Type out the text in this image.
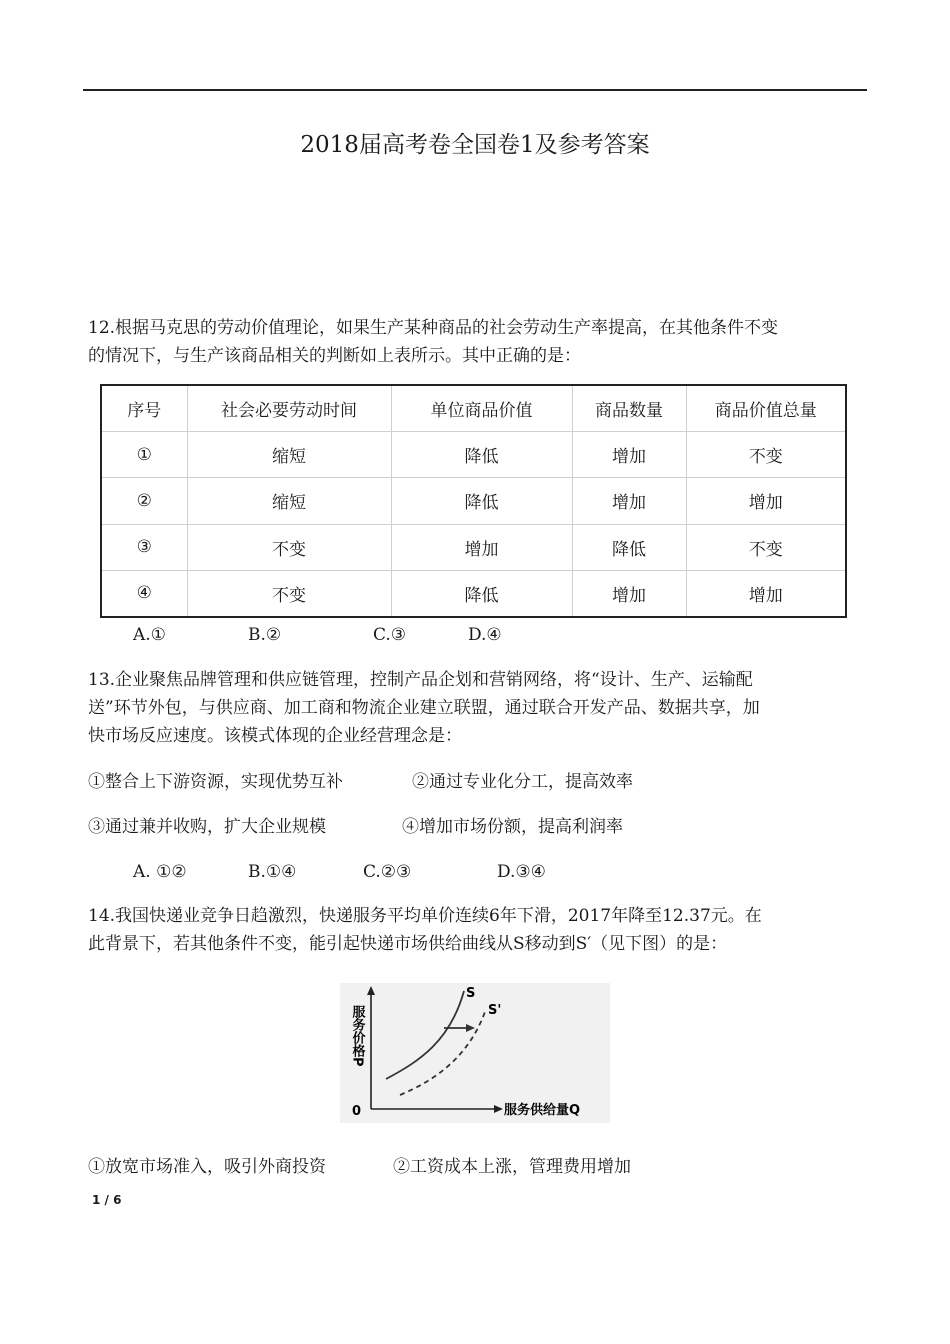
2018届高考卷全国卷1及参考答案
12.根据马克思的劳动价值理论，如果生产某种商品的社会劳动生产率提高，在其他条件不变
的情况下，与生产该商品相关的判断如上表所示。其中正确的是：
序号	社会必要劳动时间	单位商品价值	商品数量	商品价值总量
①	缩短	降低	增加	不变
②	缩短	降低	增加	增加
③	不变	增加	降低	不变
④	不变	降低	增加	增加
A.①	B.②	C.③	D.④
13.企业聚焦品牌管理和供应链管理，控制产品企划和营销网络，将“设计、生产、运输配
送”环节外包，与供应商、加工商和物流企业建立联盟，通过联合开发产品、数据共享，加
快市场反应速度。该模式体现的企业经营理念是：
①整合上下游资源，实现优势互补	②通过专业化分工，提高效率
③通过兼并收购，扩大企业规模	④增加市场份额，提高利润率
A. ①②	B.①④	C.②③	D.③④
14.我国快递业竞争日趋激烈，快递服务平均单价连续6年下滑，2017年降至12.37元。在
此背景下，若其他条件不变，能引起快递市场供给曲线从S移动到S′（见下图）的是：
S
S'
0	服务供给量Q
服务价格P
①放宽市场准入，吸引外商投资	②工资成本上涨，管理费用增加
1 / 6
